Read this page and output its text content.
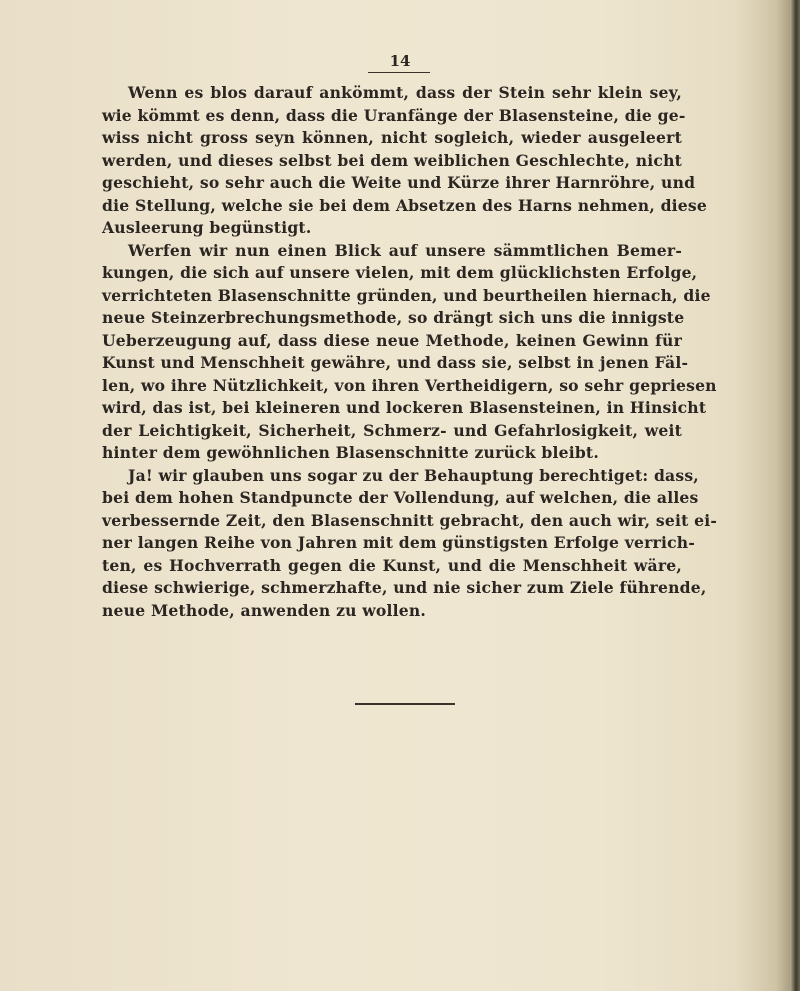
14
Wenn es blos darauf ankömmt, dass der Stein sehr klein sey,
wie kömmt es denn, dass die Uranfänge der Blasensteine, die ge-
wiss nicht gross seyn können, nicht sogleich, wieder ausgeleert
werden, und dieses selbst bei dem weiblichen Geschlechte, nicht
geschieht, so sehr auch die Weite und Kürze ihrer Harnröhre, und
die Stellung, welche sie bei dem Absetzen des Harns nehmen, diese
Ausleerung begünstigt.
Werfen wir nun einen Blick auf unsere sämmtlichen Bemer-
kungen, die sich auf unsere vielen, mit dem glücklichsten Erfolge,
verrichteten Blasenschnitte gründen, und beurtheilen hiernach, die
neue Steinzerbrechungsmethode, so drängt sich uns die innigste
Ueberzeugung auf, dass diese neue Methode, keinen Gewinn für
Kunst und Menschheit gewähre, und dass sie, selbst in jenen Fäl-
len, wo ihre Nützlichkeit, von ihren Vertheidigern, so sehr gepriesen
wird, das ist, bei kleineren und lockeren Blasensteinen, in Hinsicht
der Leichtigkeit, Sicherheit, Schmerz- und Gefahrlosigkeit, weit
hinter dem gewöhnlichen Blasenschnitte zurück bleibt.
Ja! wir glauben uns sogar zu der Behauptung berechtiget: dass,
bei dem hohen Standpuncte der Vollendung, auf welchen, die alles
verbessernde Zeit, den Blasenschnitt gebracht, den auch wir, seit ei-
ner langen Reihe von Jahren mit dem günstigsten Erfolge verrich-
ten, es Hochverrath gegen die Kunst, und die Menschheit wäre,
diese schwierige, schmerzhafte, und nie sicher zum Ziele führende,
neue Methode, anwenden zu wollen.
